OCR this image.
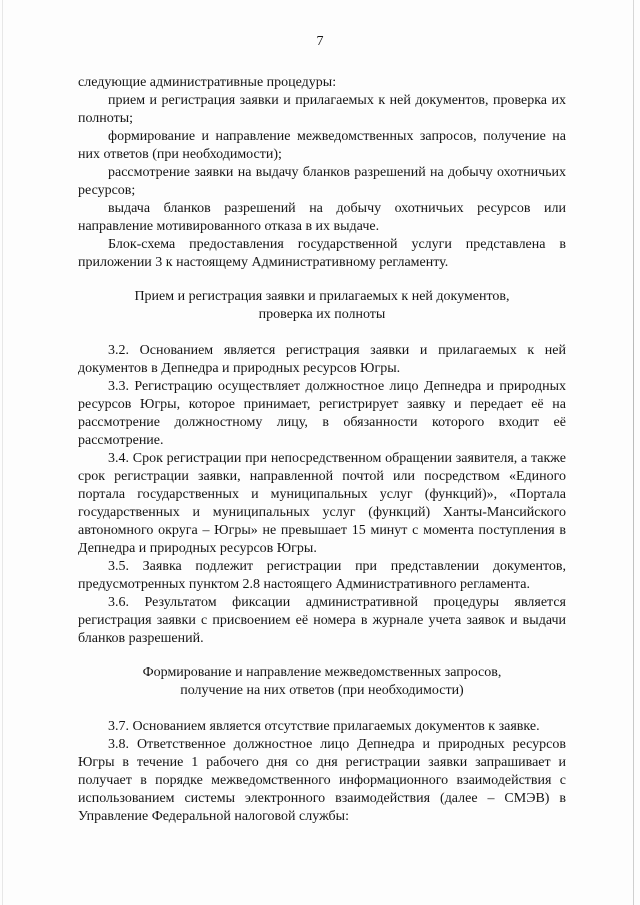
7

следующие административные процедуры:

прием и регистрация заявки и прилагаемых к ней документов, проверка их полноты;

формирование и направление межведомственных запросов, получение на них ответов (при необходимости);

рассмотрение заявки на выдачу бланков разрешений на добычу охотничьих ресурсов;

выдача бланков разрешений на добычу охотничьих ресурсов или направление мотивированного отказа в их выдаче.

Блок-схема предоставления государственной услуги представлена в приложении 3 к настоящему Административному регламенту.

Прием и регистрация заявки и прилагаемых к ней документов,

проверка их полноты

3.2. Основанием является регистрация заявки и прилагаемых к ней документов в Депнедра и природных ресурсов Югры.

3.3. Регистрацию осуществляет должностное лицо Депнедра и природных ресурсов Югры, которое принимает, регистрирует заявку и передает её на рассмотрение должностному лицу, в обязанности которого входит её рассмотрение.

3.4. Срок регистрации при непосредственном обращении заявителя, а также срок регистрации заявки, направленной почтой или посредством «Единого портала государственных и муниципальных услуг (функций)», «Портала государственных и муниципальных услуг (функций) Ханты-Мансийского автономного округа – Югры» не превышает 15 минут с момента поступления в Депнедра и природных ресурсов Югры.

3.5. Заявка подлежит регистрации при представлении документов, предусмотренных пунктом 2.8 настоящего Административного регламента.

3.6. Результатом фиксации административной процедуры является регистрация заявки с присвоением её номера в журнале учета заявок и выдачи бланков разрешений.

Формирование и направление межведомственных запросов,

получение на них ответов (при необходимости)

3.7. Основанием является отсутствие прилагаемых документов к заявке.

3.8. Ответственное должностное лицо Депнедра и природных ресурсов Югры в течение 1 рабочего дня со дня регистрации заявки запрашивает и получает в порядке межведомственного информационного взаимодействия с использованием системы электронного взаимодействия (далее – СМЭВ) в Управление Федеральной налоговой службы:
